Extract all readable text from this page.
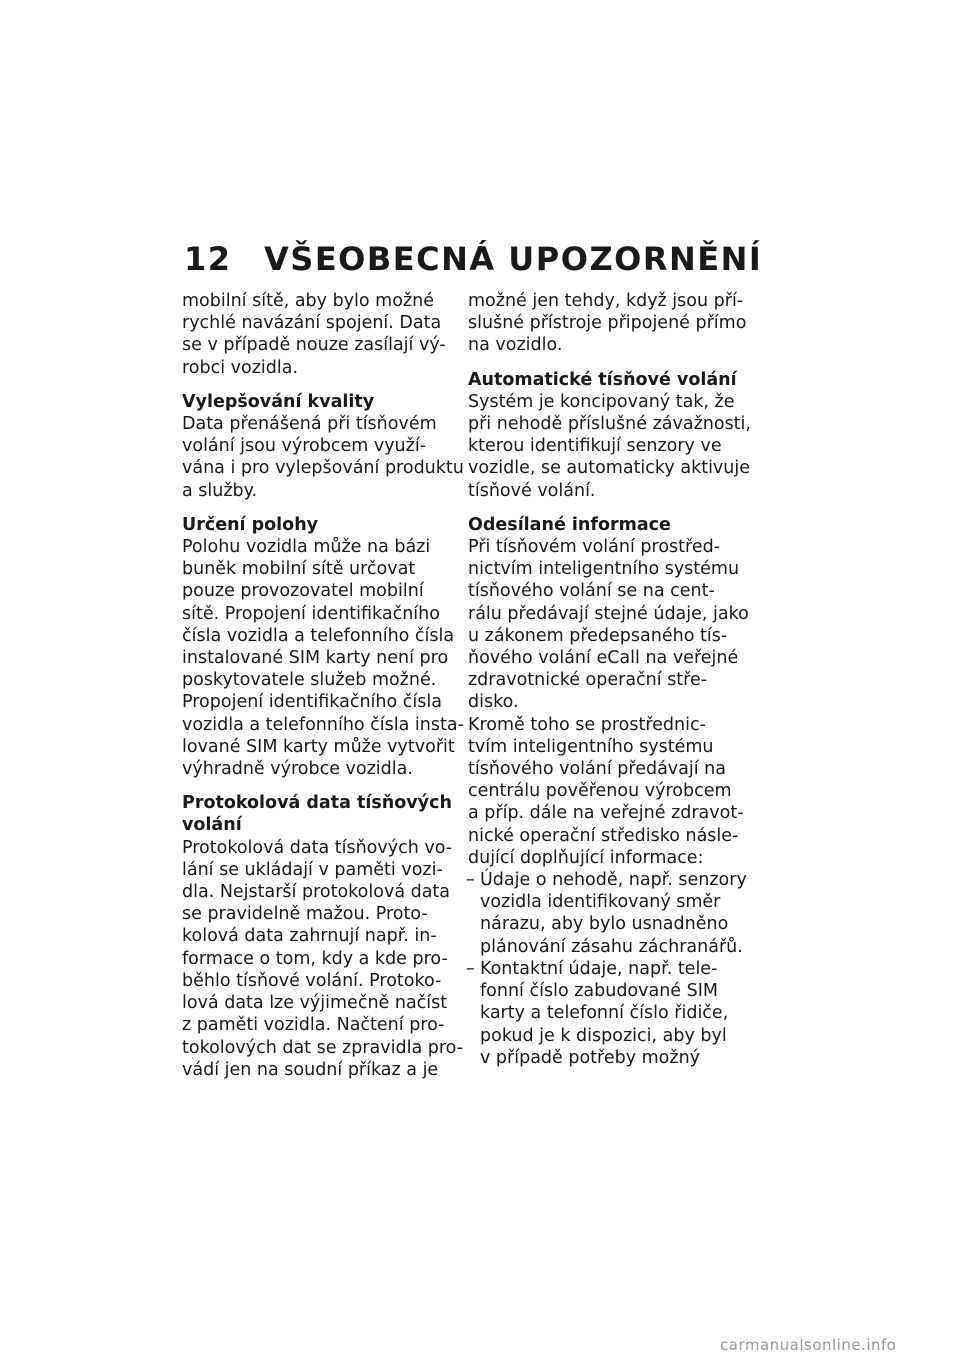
12 VŠEOBECNÁ UPOZORNĚNÍ

mobilní sítě, aby bylo možné
rychlé navázání spojení. Data
se v případě nouze zasílají vý-
robci vozidla.

Vylepšování kvality
Data přenášená při tísňovém
volání jsou výrobcem využí-
vána i pro vylepšování produktu
a služby.

Určení polohy
Polohu vozidla může na bázi
buněk mobilní sítě určovat
pouze provozovatel mobilní
sítě. Propojení identifikačního
čísla vozidla a telefonního čísla
instalované SIM karty není pro
poskytovatele služeb možné.
Propojení identifikačního čísla
vozidla a telefonního čísla insta-
lované SIM karty může vytvořit
výhradně výrobce vozidla.

Protokolová data tísňových
volání
Protokolová data tísňových vo-
lání se ukládají v paměti vozi-
dla. Nejstarší protokolová data
se pravidelně mažou. Proto-
kolová data zahrnují např. in-
formace o tom, kdy a kde pro-
běhlo tísňové volání. Protoko-
lová data lze výjimečně načíst
z paměti vozidla. Načtení pro-
tokolových dat se zpravidla pro-
vádí jen na soudní příkaz a je

možné jen tehdy, když jsou pří-
slušné přístroje připojené přímo
na vozidlo.

Automatické tísňové volání
Systém je koncipovaný tak, že
při nehodě příslušné závažnosti,
kterou identifikují senzory ve
vozidle, se automaticky aktivuje
tísňové volání.

Odesílané informace
Při tísňovém volání prostřed-
nictvím inteligentního systému
tísňového volání se na cent-
rálu předávají stejné údaje, jako
u zákonem předepsaného tís-
ňového volání eCall na veřejné
zdravotnické operační stře-
disko.
Kromě toho se prostřednic-
tvím inteligentního systému
tísňového volání předávají na
centrálu pověřenou výrobcem
a příp. dále na veřejné zdravot-
nické operační středisko násle-
dující doplňující informace:
– Údaje o nehodě, např. senzory
vozidla identifikovaný směr
nárazu, aby bylo usnadněno
plánování zásahu záchranářů.
– Kontaktní údaje, např. tele-
fonní číslo zabudované SIM
karty a telefonní číslo řidiče,
pokud je k dispozici, aby byl
v případě potřeby možný
carmanualsonline.info
